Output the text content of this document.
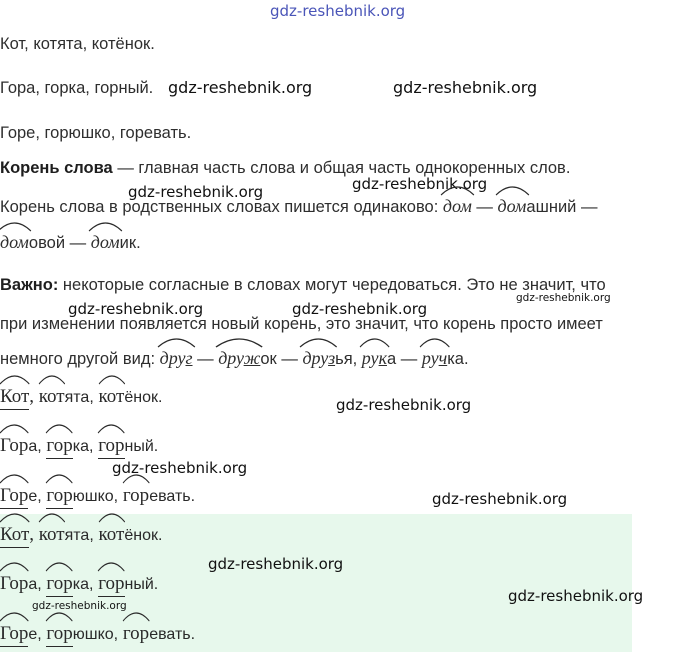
gdz-reshebnik.org
Кот, котята, котёнок.
Гора, горка, горный. gdz-reshebnik.org	gdz-reshebnik.org
Горе, горюшко, горевать.
Корень слова — главная часть слова и общая часть однокоренных слов.
gdz-reshebnik.org	gdz-reshebnik.org
Корень слова в родственных словах пишется одинаково:
дом —
домашний —
домовой —
домик.
Важно: некоторые согласные в словах могут чередоваться. Это не значит, что
gdz-reshebnik.org
gdz-reshebnik.org	gdz-reshebnik.org
при изменении появляется новый корень, это значит, что корень просто имеет
немного другой вид:
друг —
дружок —
друзья,
рука —
ручка.
Кот, котята, котёнок.	gdz-reshebnik.org
Гора, горка, горный.
gdz-reshebnik.org
Горе, горюшко, горевать.	gdz-reshebnik.org
Кот, котята, котёнок.
gdz-reshebnik.org
Гора, горка, горный.
gdz-reshebnik.org
gdz-reshebnik.org
Горе, горюшко, горевать.
